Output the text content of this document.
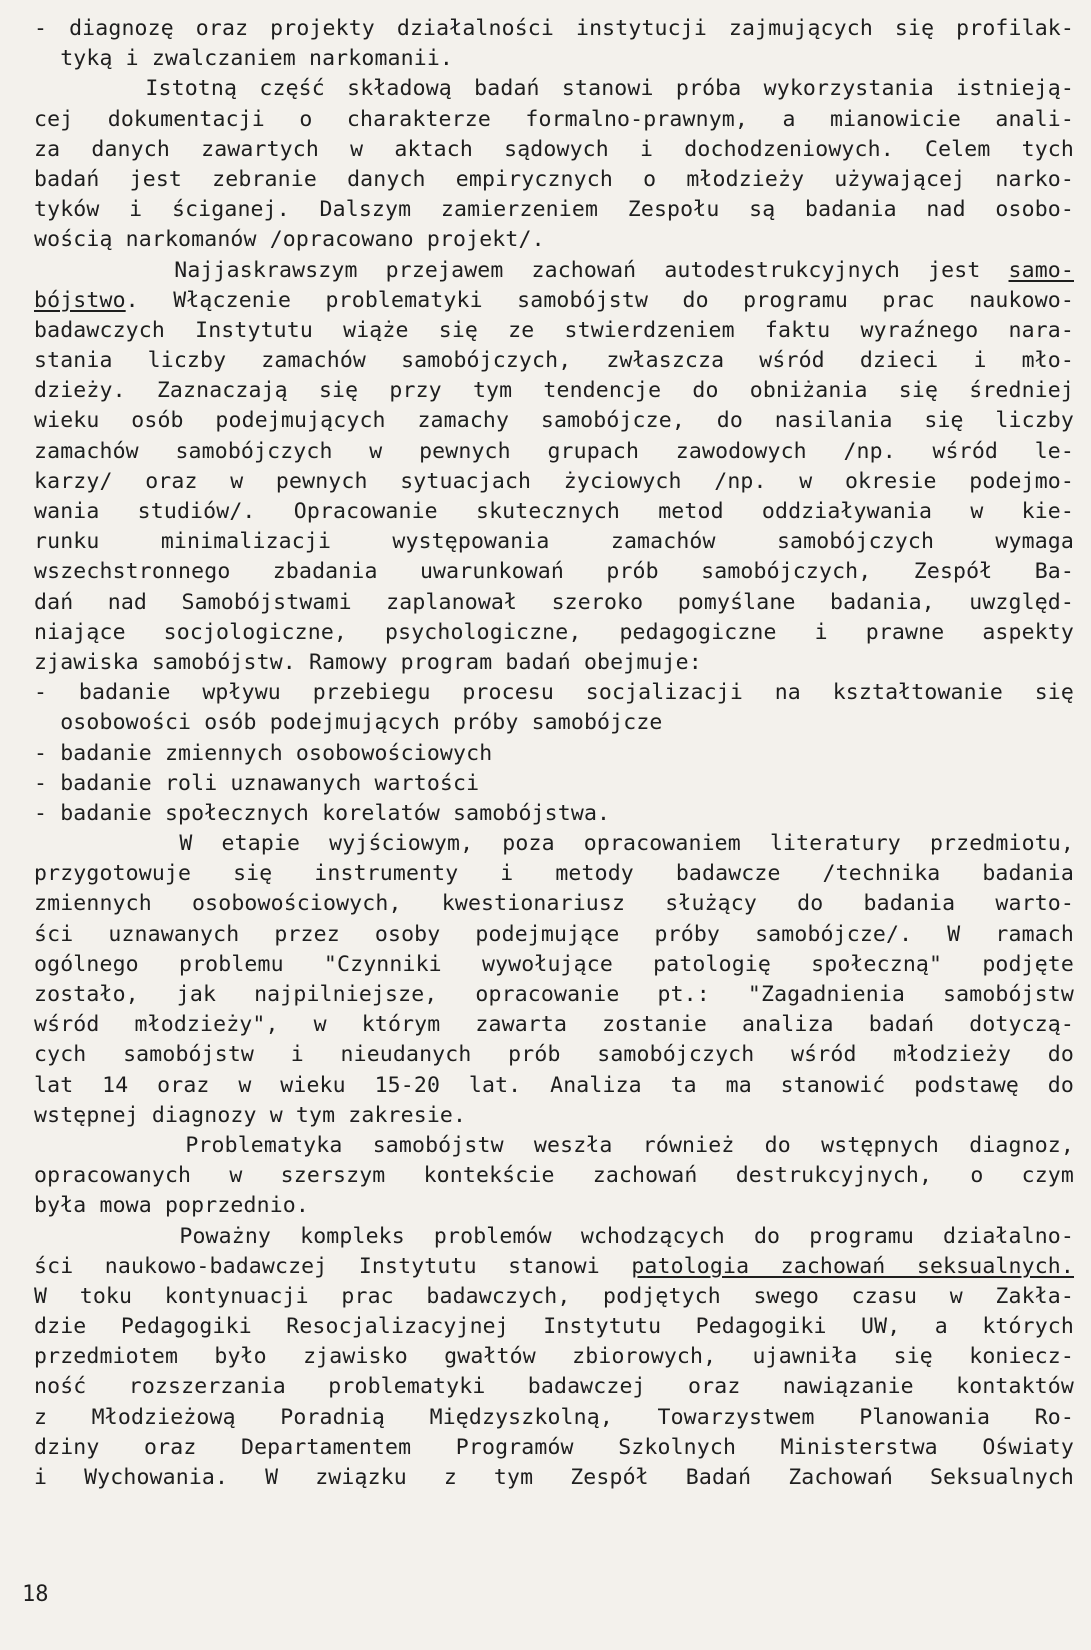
- diagnozę oraz projekty działalności instytucji zajmujących się profilak-
tyką i zwalczaniem narkomanii.
Istotną część składową badań stanowi próba wykorzystania istnieją-
cej dokumentacji o charakterze formalno-prawnym, a mianowicie anali-
za danych zawartych w aktach sądowych i dochodzeniowych. Celem tych
badań jest zebranie danych empirycznych o młodzieży używającej narko-
tyków i ściganej. Dalszym zamierzeniem Zespołu są badania nad osobo-
wością narkomanów /opracowano projekt/.
Najjaskrawszym przejawem zachowań autodestrukcyjnych jest samo-
bójstwo. Włączenie problematyki samobójstw do programu prac naukowo-
badawczych Instytutu wiąże się ze stwierdzeniem faktu wyraźnego nara-
stania liczby zamachów samobójczych, zwłaszcza wśród dzieci i mło-
dzieży. Zaznaczają się przy tym tendencje do obniżania się średniej
wieku osób podejmujących zamachy samobójcze, do nasilania się liczby
zamachów samobójczych w pewnych grupach zawodowych /np. wśród le-
karzy/ oraz w pewnych sytuacjach życiowych /np. w okresie podejmo-
wania studiów/. Opracowanie skutecznych metod oddziaływania w kie-
runku minimalizacji występowania zamachów samobójczych wymaga
wszechstronnego zbadania uwarunkowań prób samobójczych, Zespół Ba-
dań nad Samobójstwami zaplanował szeroko pomyślane badania, uwzględ-
niające socjologiczne, psychologiczne, pedagogiczne i prawne aspekty
zjawiska samobójstw. Ramowy program badań obejmuje:
- badanie wpływu przebiegu procesu socjalizacji na kształtowanie się
osobowości osób podejmujących próby samobójcze
- badanie zmiennych osobowościowych
- badanie roli uznawanych wartości
- badanie społecznych korelatów samobójstwa.
W etapie wyjściowym, poza opracowaniem literatury przedmiotu,
przygotowuje się instrumenty i metody badawcze /technika badania
zmiennych osobowościowych, kwestionariusz służący do badania warto-
ści uznawanych przez osoby podejmujące próby samobójcze/. W ramach
ogólnego problemu "Czynniki wywołujące patologię społeczną" podjęte
zostało, jak najpilniejsze, opracowanie pt.: "Zagadnienia samobójstw
wśród młodzieży", w którym zawarta zostanie analiza badań dotyczą-
cych samobójstw i nieudanych prób samobójczych wśród młodzieży do
lat 14 oraz w wieku 15-20 lat. Analiza ta ma stanowić podstawę do
wstępnej diagnozy w tym zakresie.
Problematyka samobójstw weszła również do wstępnych diagnoz,
opracowanych w szerszym kontekście zachowań destrukcyjnych, o czym
była mowa poprzednio.
Poważny kompleks problemów wchodzących do programu działalno-
ści naukowo-badawczej Instytutu stanowi patologia zachowań seksualnych.
W toku kontynuacji prac badawczych, podjętych swego czasu w Zakła-
dzie Pedagogiki Resocjalizacyjnej Instytutu Pedagogiki UW, a których
przedmiotem było zjawisko gwałtów zbiorowych, ujawniła się koniecz-
ność rozszerzania problematyki badawczej oraz nawiązanie kontaktów
z Młodzieżową Poradnią Międzyszkolną, Towarzystwem Planowania Ro-
dziny oraz Departamentem Programów Szkolnych Ministerstwa Oświaty
i Wychowania. W związku z tym Zespół Badań Zachowań Seksualnych
18
